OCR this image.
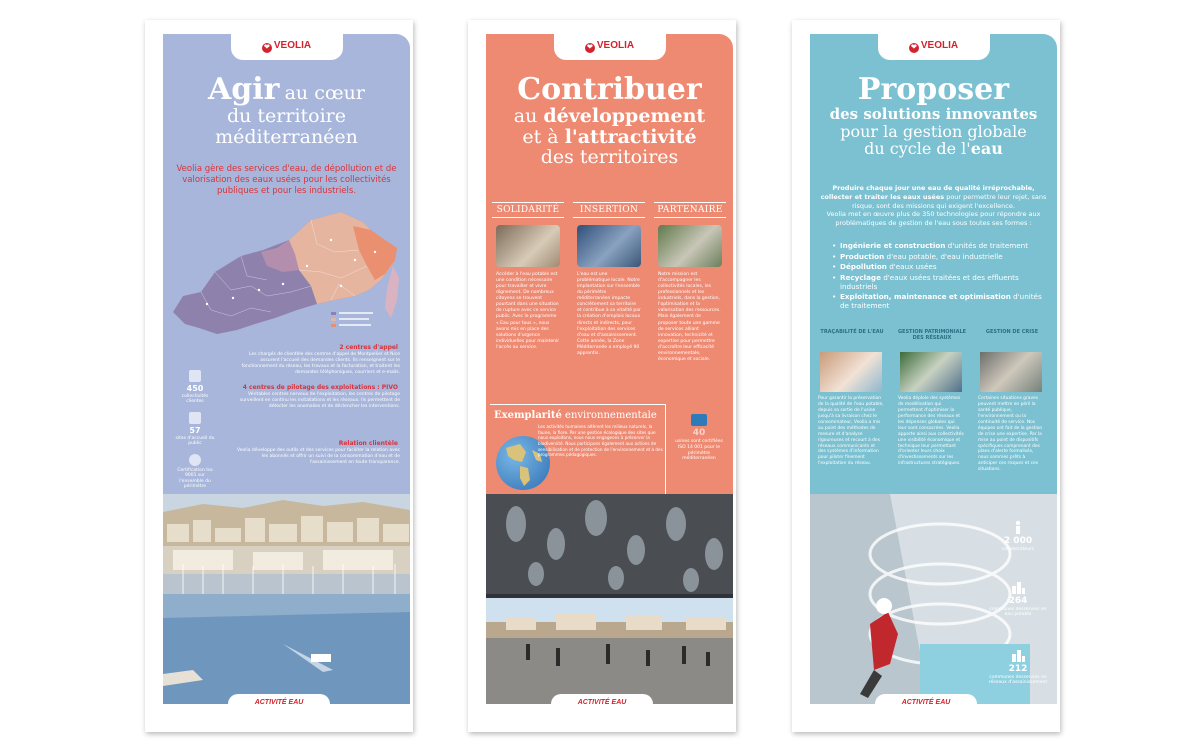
❤ VEOLIA
Agir au cœur
du territoire méditerranéen
Veolia gère des services d'eau, de dépollution et de valorisation des eaux usées pour les collectivités publiques et pour les industriels.
2 centres d'appel
Les chargés de clientèle des centres d'appel de Montpellier et Nice assurent l'accueil des demandes clients. Ils renseignent sur le fonctionnement du réseau, les travaux et la facturation, et traitent les demandes téléphoniques, courriers et e-mails.
4 centres de pilotage des exploitations : PIVO
Véritables centres nerveux de l'exploitation, les centres de pilotage surveillent en continu les installations et les réseaux. Ils permettent de détecter les anomalies et de déclencher les interventions.
Relation clientèle
Veolia développe des outils et des services pour faciliter la relation avec les abonnés et offrir un suivi de la consommation d'eau et de l'assainissement en toute transparence.
450
collectivités clientes
57
sites d'accueil du public
Certification Iso 9001 sur l'ensemble du périmètre
ACTIVITÉ EAU
❤ VEOLIA
Contribuer
au développement
et à l'attractivité
des territoires
SOLIDARITÉ	INSERTION	PARTENAIRE
Accéder à l'eau potable est une condition nécessaire pour travailler et vivre dignement. De nombreux citoyens se trouvent pourtant dans une situation de rupture avec ce service public. Avec le programme « Eau pour tous », nous avons mis en place des solutions d'urgence individuelles pour maintenir l'accès au service.
L'eau est une problématique locale. Notre implantation sur l'ensemble du périmètre méditerranéen impacte concrètement sa territoire et contribue à sa vitalité par la création d'emplois locaux directs et indirects, pour l'exploitation des services d'eau et d'assainissement. Cette année, la Zone Méditerranée a employé 90 apprentis.
Notre mission est d'accompagner les collectivités locales, les professionnels et les industriels, dans la gestion, l'optimisation et la valorisation des ressources. Mais également de proposer toute une gamme de services alliant innovation, technicité et expertise pour permettre d'accroître leur efficacité environnementale, économique et sociale.
Exemplarité environnementale
Les activités humaines altèrent les milieux naturels, la faune, la flore. Par une gestion écologique des sites que nous exploitons, nous nous engageons à préserver la biodiversité. Nous participons également aux actions de sensibilisation et de protection de l'environnement et à des programmes pédagogiques.
40
usines sont certifiées ISO 14 001 pour le périmètre méditerranéen
ACTIVITÉ EAU
❤ VEOLIA
Proposer
des solutions innovantes
pour la gestion globale
du cycle de l'eau
Produire chaque jour une eau de qualité irréprochable, collecter et traiter les eaux usées pour permettre leur rejet, sans risque, sont des missions qui exigent l'excellence.
Veolia met en œuvre plus de 350 technologies pour répondre aux problématiques de gestion de l'eau sous toutes ses formes :
• Ingénierie et construction d'unités de traitement
• Production d'eau potable, d'eau industrielle
• Dépollution d'eaux usées
• Recyclage d'eaux usées traitées et des effluents industriels
• Exploitation, maintenance et optimisation d'unités de traitement
TRAÇABILITÉ DE L'EAU	GESTION PATRIMONIALE DES RÉSEAUX
GESTION DE CRISE
Pour garantir la préservation de la qualité de l'eau potable, depuis sa sortie de l'usine jusqu'à sa livraison chez le consommateur, Veolia a mis au point des méthodes de mesure et d'analyse rigoureuses et recourt à des réseaux communicants et des systèmes d'information pour piloter finement l'exploitation du réseau.
Veolia déploie des systèmes de modélisation qui permettent d'optimiser la performance des réseaux et les dépenses globales qui leur sont consacrées. Veolia apporte ainsi aux collectivités une visibilité économique et technique leur permettant d'orienter leurs choix d'investissements sur les infrastructures stratégiques.
Certaines situations graves peuvent mettre en péril la santé publique, l'environnement ou la continuité de service. Nos équipes ont fait de la gestion de crise une expertise. Par la mise au point de dispositifs spécifiques comprenant des plans d'alerte formalisés, nous sommes prêts à anticiper ces risques et ces situations.
2 000
collaborateurs
264
communes desservies en eau potable
212
communes desservies en réseaux d'assainissement
ACTIVITÉ EAU
